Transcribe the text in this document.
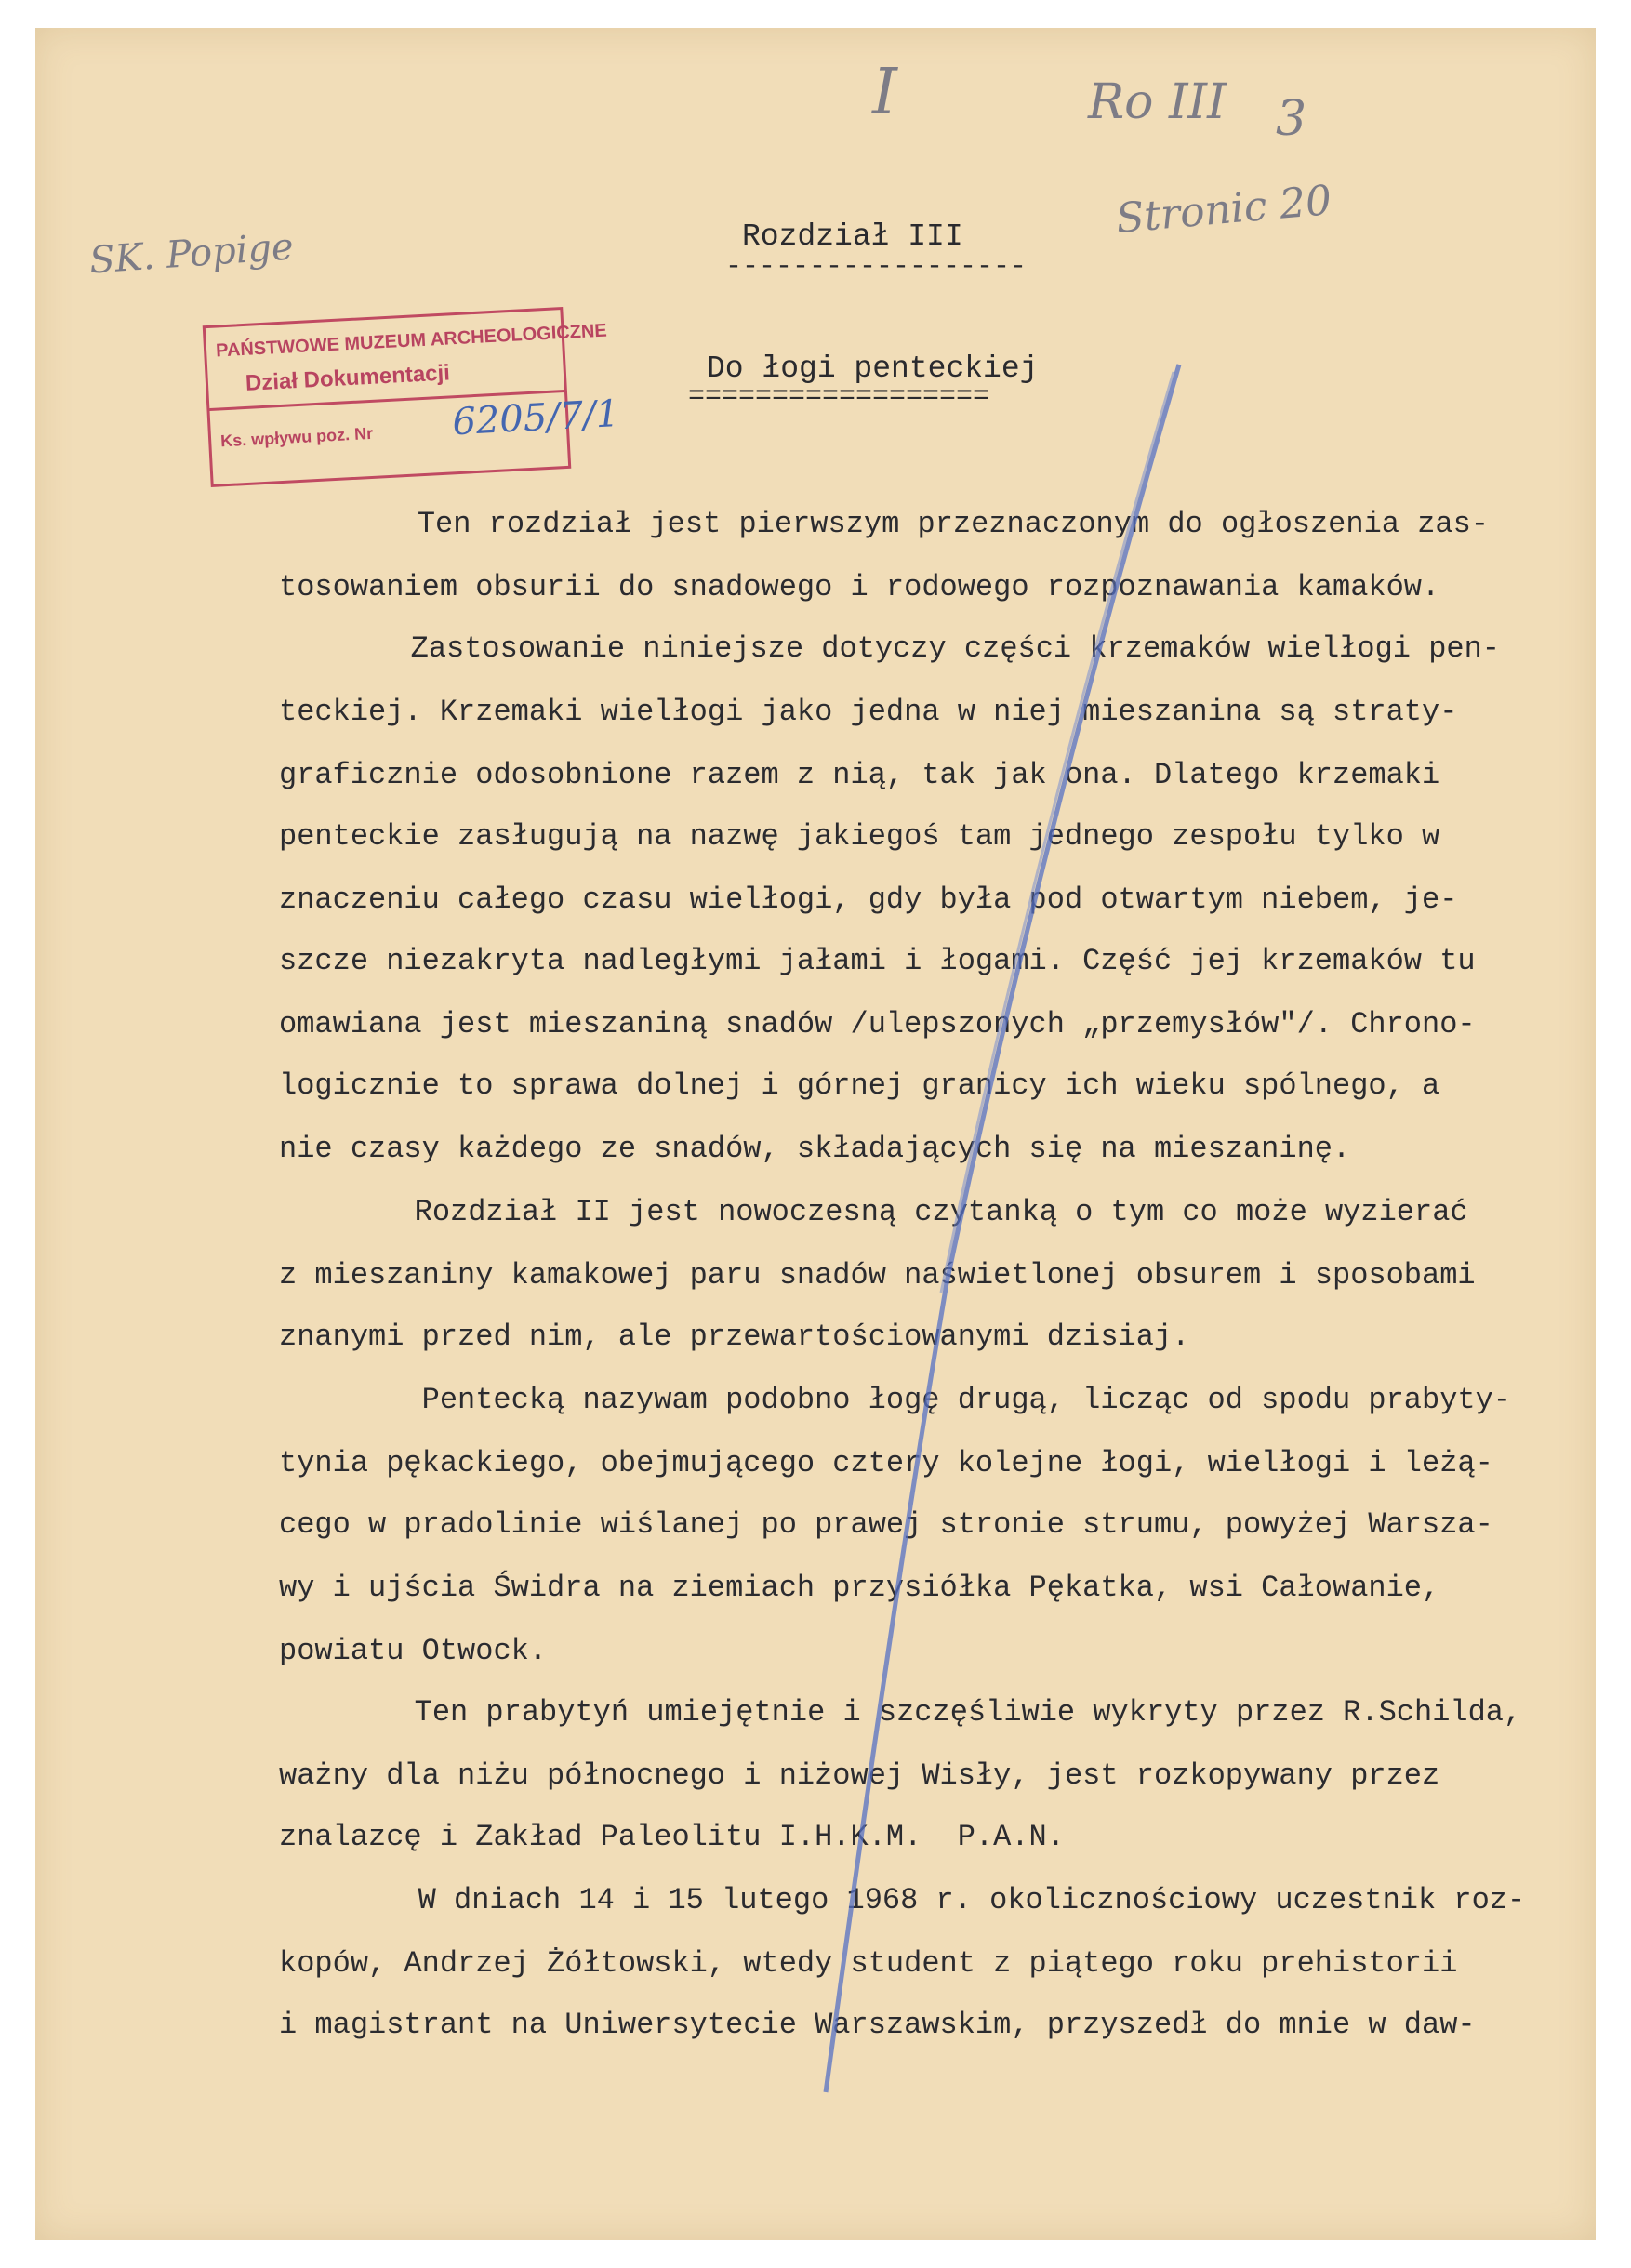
I	Ro III 3
Stronic 20
SK. Popige
PAŃSTWOWE MUZEUM ARCHEOLOGICZNE
Dział Dokumentacji
Ks. wpływu poz. Nr 6205/7/1
Rozdział III
------------------
Do łogi penteckiej
==================
Ten rozdział jest pierwszym przeznaczonym do ogłoszenia zas-
tosowaniem obsurii do snadowego i rodowego rozpoznawania kamaków.
Zastosowanie niniejsze dotyczy części krzemaków wielłogi pen-
teckiej. Krzemaki wielłogi jako jedna w niej mieszanina są straty-
graficznie odosobnione razem z nią, tak jak ona. Dlatego krzemaki
penteckie zasługują na nazwę jakiegoś tam jednego zespołu tylko w
znaczeniu całego czasu wielłogi, gdy była pod otwartym niebem, je-
szcze niezakryta nadległymi jałami i łogami. Część jej krzemaków tu
omawiana jest mieszaniną snadów /ulepszonych „przemysłów"/. Chrono-
logicznie to sprawa dolnej i górnej granicy ich wieku spólnego, a
nie czasy każdego ze snadów, składających się na mieszaninę.
Rozdział II jest nowoczesną czytanką o tym co może wyzierać
z mieszaniny kamakowej paru snadów naświetlonej obsurem i sposobami
znanymi przed nim, ale przewartościowanymi dzisiaj.
Pentecką nazywam podobno łogę drugą, licząc od spodu prabyty-
tynia pękackiego, obejmującego cztery kolejne łogi, wielłogi i leżą-
cego w pradolinie wiślanej po prawej stronie strumu, powyżej Warsza-
wy i ujścia Świdra na ziemiach przysiółka Pękatka, wsi Całowanie,
powiatu Otwock.
Ten prabytyń umiejętnie i szczęśliwie wykryty przez R.Schilda,
ważny dla niżu północnego i niżowej Wisły, jest rozkopywany przez
znalazcę i Zakład Paleolitu I.H.K.M.  P.A.N.
W dniach 14 i 15 lutego 1968 r. okolicznościowy uczestnik roz-
kopów, Andrzej Żółtowski, wtedy student z piątego roku prehistorii
i magistrant na Uniwersytecie Warszawskim, przyszedł do mnie w daw-
